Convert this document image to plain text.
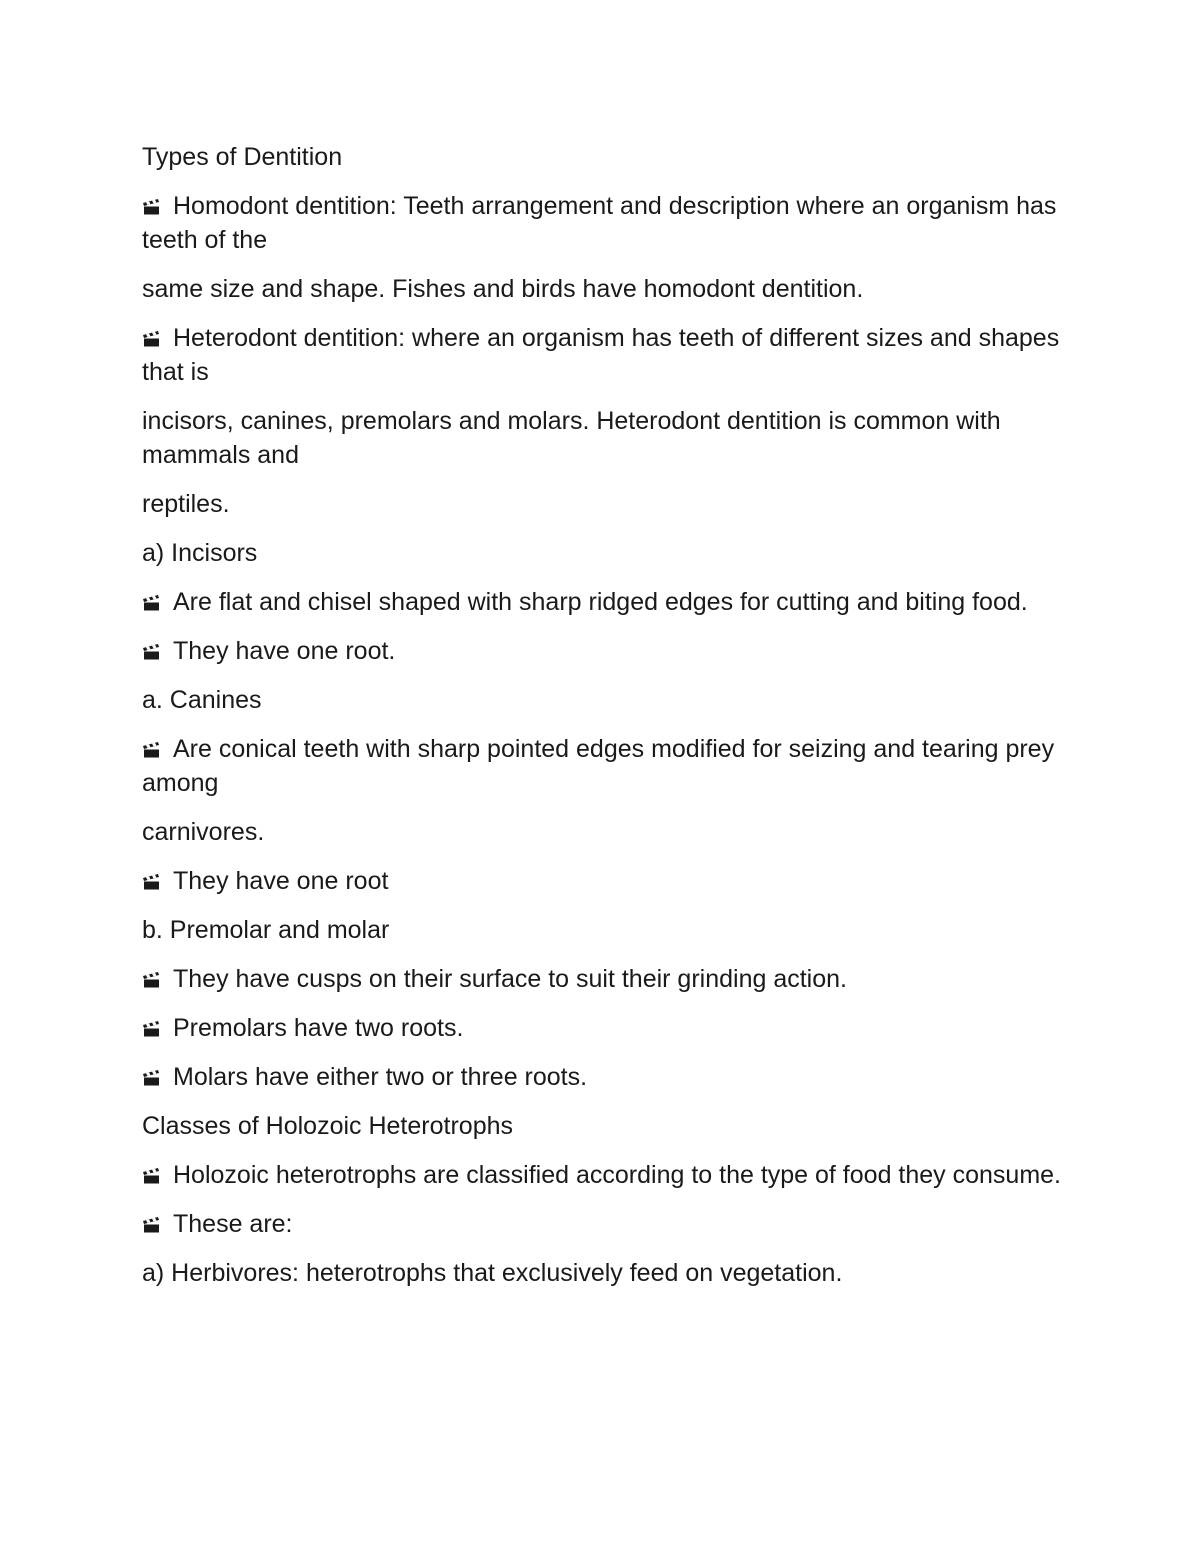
Types of Dentition

Homodont dentition: Teeth arrangement and description where an organism has teeth of the

same size and shape. Fishes and birds have homodont dentition.

Heterodont dentition: where an organism has teeth of different sizes and shapes that is

incisors, canines, premolars and molars. Heterodont dentition is common with mammals and

reptiles.

a) Incisors

Are flat and chisel shaped with sharp ridged edges for cutting and biting food.

They have one root.

a. Canines

Are conical teeth with sharp pointed edges modified for seizing and tearing prey among

carnivores.

They have one root

b. Premolar and molar

They have cusps on their surface to suit their grinding action.

Premolars have two roots.

Molars have either two or three roots.

Classes of Holozoic Heterotrophs

Holozoic heterotrophs are classified according to the type of food they consume.

These are:

a) Herbivores: heterotrophs that exclusively feed on vegetation.
